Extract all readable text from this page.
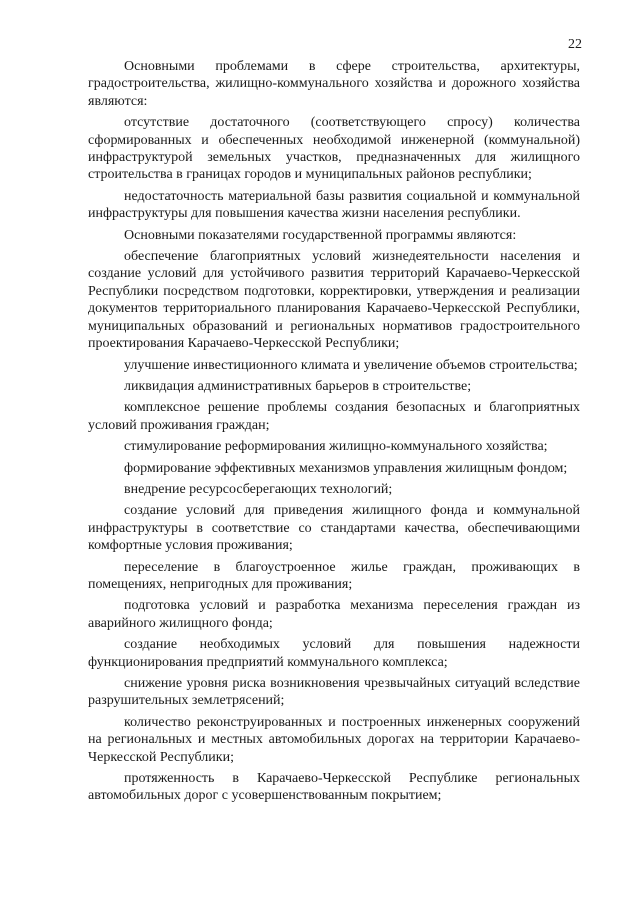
22

Основными проблемами в сфере строительства, архитектуры, градостроительства, жилищно-коммунального хозяйства и дорожного хозяйства являются:

отсутствие достаточного (соответствующего спросу) количества сформированных и обеспеченных необходимой инженерной (коммунальной) инфраструктурой земельных участков, предназначенных для жилищного строительства в границах городов и муниципальных районов республики;

недостаточность материальной базы развития социальной и коммунальной инфраструктуры для повышения качества жизни населения республики.

Основными показателями государственной программы являются:

обеспечение благоприятных условий жизнедеятельности населения и создание условий для устойчивого развития территорий Карачаево-Черкесской Республики посредством подготовки, корректировки, утверждения и реализации документов территориального планирования Карачаево-Черкесской Республики, муниципальных образований и региональных нормативов градостроительного проектирования Карачаево-Черкесской Республики;

улучшение инвестиционного климата и увеличение объемов строительства;

ликвидация административных барьеров в строительстве;

комплексное решение проблемы создания безопасных и благоприятных условий проживания граждан;

стимулирование реформирования жилищно-коммунального хозяйства;

формирование эффективных механизмов управления жилищным фондом;

внедрение ресурсосберегающих технологий;

создание условий для приведения жилищного фонда и коммунальной инфраструктуры в соответствие со стандартами качества, обеспечивающими комфортные условия проживания;

переселение в благоустроенное жилье граждан, проживающих в помещениях, непригодных для проживания;

подготовка условий и разработка механизма переселения граждан из аварийного жилищного фонда;

создание необходимых условий для повышения надежности функционирования предприятий коммунального комплекса;

снижение уровня риска возникновения чрезвычайных ситуаций вследствие разрушительных землетрясений;

количество реконструированных и построенных инженерных сооружений на региональных и местных автомобильных дорогах на территории Карачаево-Черкесской Республики;

протяженность в Карачаево-Черкесской Республике региональных автомобильных дорог с усовершенствованным покрытием;
